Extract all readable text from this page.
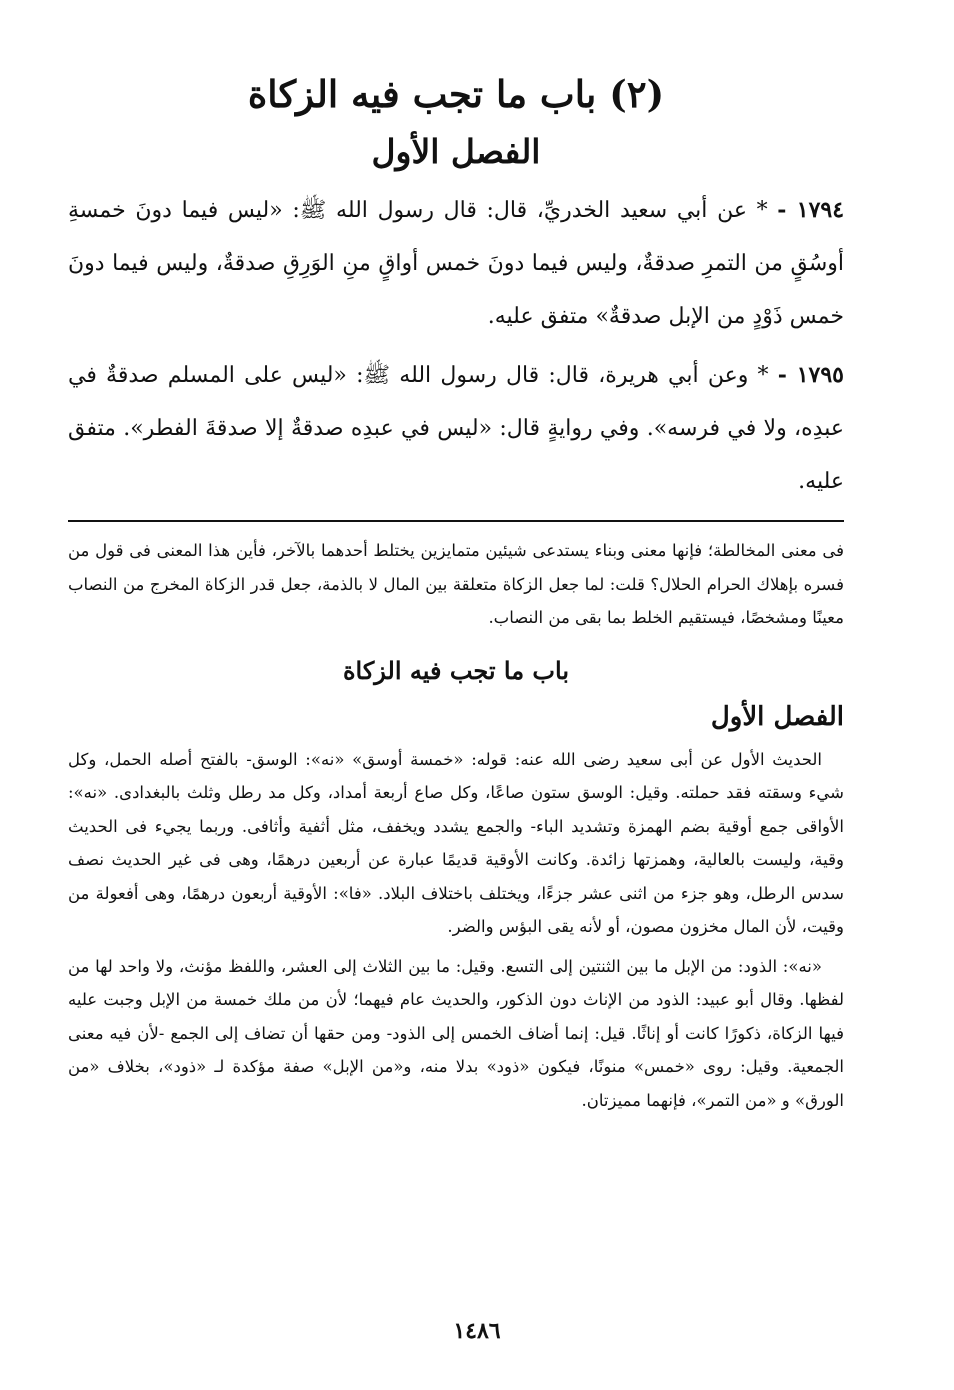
(٢) باب ما تجب فيه الزكاة
الفصل الأول

١٧٩٤ - * عن أبي سعيد الخدريِّ، قال: قال رسول الله ﷺ: «ليس فيما دونَ خمسةِ أوسُقٍ من التمرِ صدقةٌ، وليس فيما دونَ خمس أواقٍ منِ الوَرِقِ صدقةٌ، وليس فيما دونَ خمس ذَوْدٍ من الإبل صدقةٌ» متفق عليه.

١٧٩٥ - * وعن أبي هريرة، قال: قال رسول الله ﷺ: «ليس على المسلم صدقةٌ في عبدِه، ولا في فرسه». وفي روايةٍ قال: «ليس في عبدِه صدقةٌ إلا صدقةَ الفطر». متفق عليه.

فى معنى المخالطة؛ فإنها معنى وبناء يستدعى شيئين متمايزين يختلط أحدهما بالآخر، فأين هذا المعنى فى قول من فسره بإهلاك الحرام الحلال؟ قلت: لما جعل الزكاة متعلقة بين المال لا بالذمة، جعل قدر الزكاة المخرج من النصاب معينًا ومشخصًا، فيستقيم الخلط بما بقى من النصاب.

باب ما تجب فيه الزكاة
الفصل الأول

الحديث الأول عن أبى سعيد رضى الله عنه: قوله: «خمسة أوسق» «نه»: الوسق- بالفتح أصله الحمل، وكل شيء وسقته فقد حملته. وقيل: الوسق ستون صاعًا، وكل صاع أربعة أمداد، وكل مد رطل وثلث بالبغدادى. «نه»: الأواقى جمع أوقية بضم الهمزة وتشديد الباء- والجمع يشدد ويخفف، مثل أثفية وأثافى. وربما يجيء فى الحديث وقية، وليست بالعالية، وهمزتها زائدة. وكانت الأوقية قديمًا عبارة عن أربعين درهمًا، وهى فى غير الحديث نصف سدس الرطل، وهو جزء من اثنى عشر جزءًا، ويختلف باختلاف البلاد. «فا»: الأوقية أربعون درهمًا، وهى أفعولة من وقيت، لأن المال مخزون مصون، أو لأنه يقى البؤس والضر.

«نه»: الذود: من الإبل ما بين الثنتين إلى التسع. وقيل: ما بين الثلاث إلى العشر، واللفظ مؤنث، ولا واحد لها من لفظها. وقال أبو عبيد: الذود من الإناث دون الذكور، والحديث عام فيهما؛ لأن من ملك خمسة من الإبل وجبت عليه فيها الزكاة، ذكورًا كانت أو إناثًا. قيل: إنما أضاف الخمس إلى الذود- ومن حقها أن تضاف إلى الجمع -لأن فيه معنى الجمعية. وقيل: روى «خمس» منونًا، فيكون «ذود» بدلا منه، و«من الإبل» صفة مؤكدة لـ «ذود»، بخلاف «من الورق» و «من التمر»، فإنهما مميزتان.

١٤٨٦
